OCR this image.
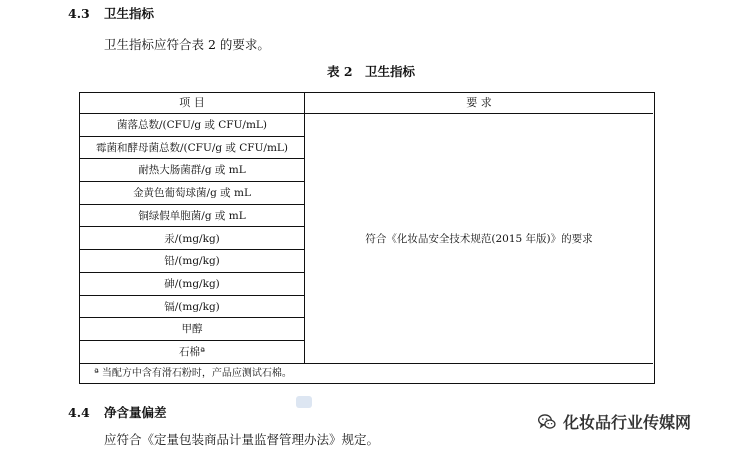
4.3 卫生指标
卫生指标应符合表 2 的要求。
表 2　卫生指标
项 目
菌落总数/(CFU/g 或 CFU/mL)
霉菌和酵母菌总数/(CFU/g 或 CFU/mL)
耐热大肠菌群/g 或 mL
金黄色葡萄球菌/g 或 mL
铜绿假单胞菌/g 或 mL
汞/(mg/kg)
铅/(mg/kg)
砷/(mg/kg)
镉/(mg/kg)
甲醇
石棉ª
要 求
符合《化妆品安全技术规范(2015 年版)》的要求
ª 当配方中含有滑石粉时，产品应测试石棉。
4.4 净含量偏差
应符合《定量包装商品计量监督管理办法》规定。
化妆品行业传媒网
